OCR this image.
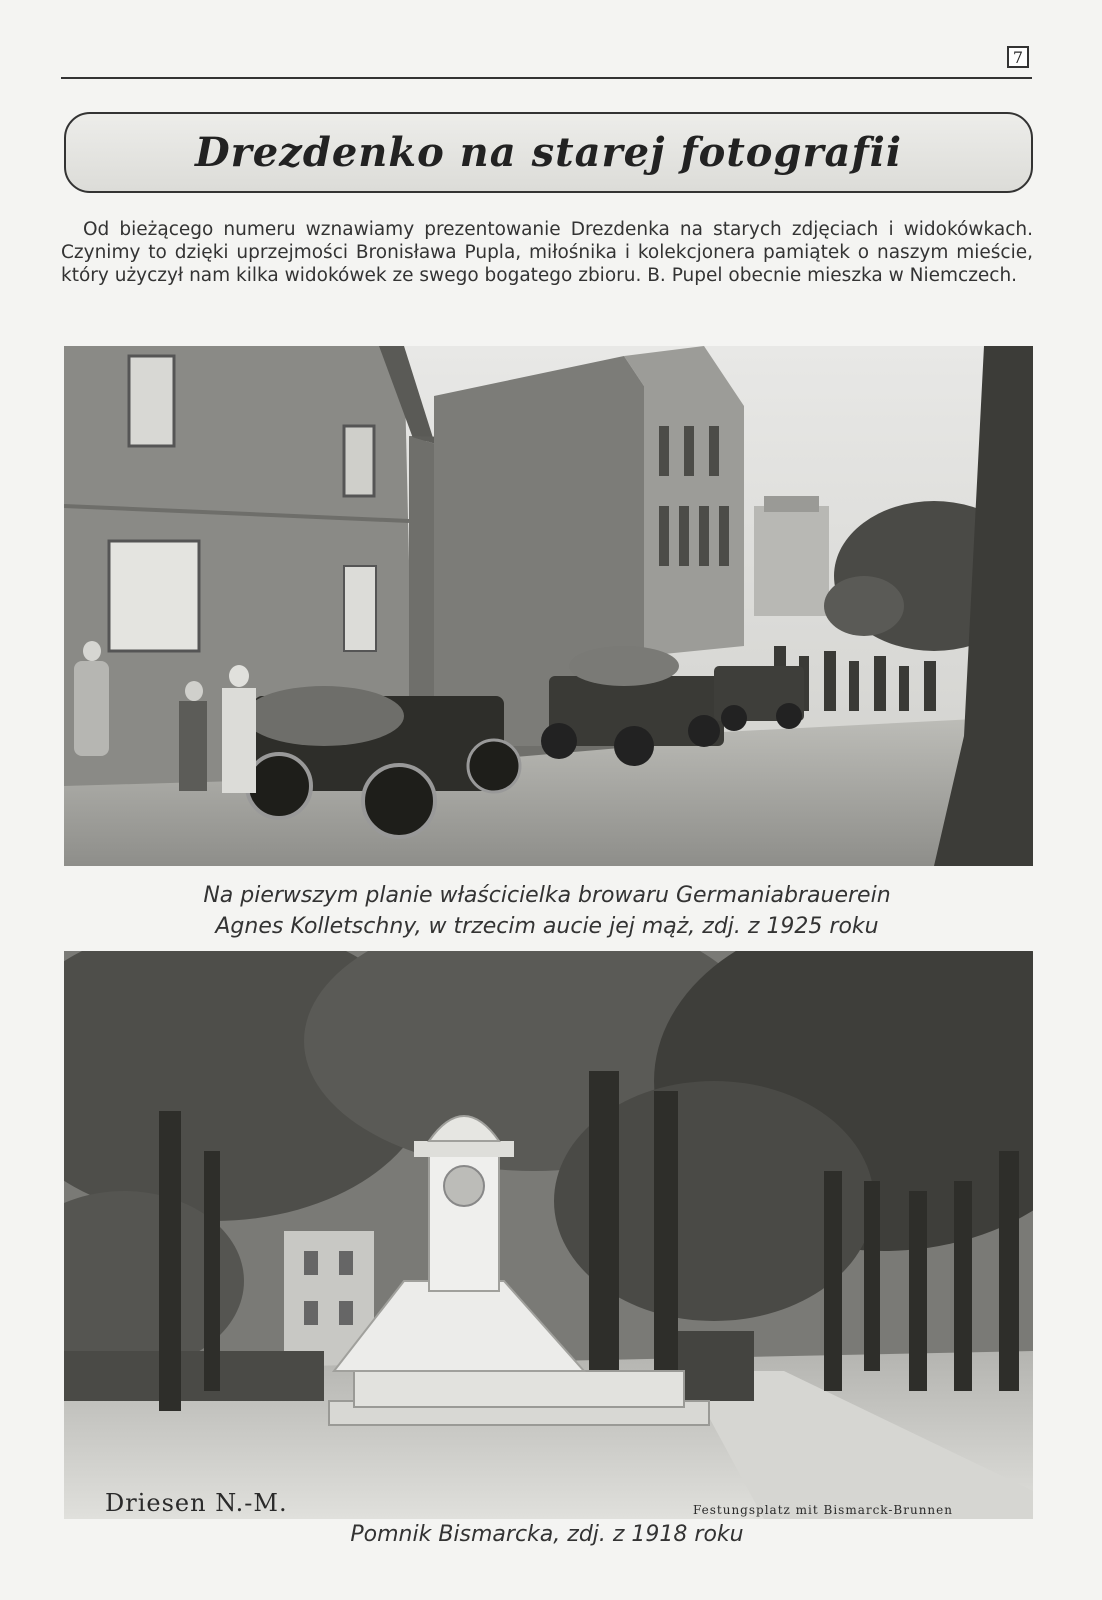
7
Drezdenko na starej fotografii

Od bieżącego numeru wznawiamy prezentowanie Drezdenka na starych zdjęciach i widokówkach. Czynimy to dzięki uprzejmości Bronisława Pupla, miłośnika i kolekcjonera pamiątek o naszym mieście, który użyczył nam kilka widokówek ze swego bogatego zbioru. B. Pupel obecnie mieszka w Niemczech.

Na pierwszym planie właścicielka browaru Germaniabrauerein
Agnes Kolletschny, w trzecim aucie jej mąż, zdj. z 1925 roku
Driesen N.-M.	Festungsplatz mit Bismarck-Brunnen
Pomnik Bismarcka, zdj. z 1918 roku
